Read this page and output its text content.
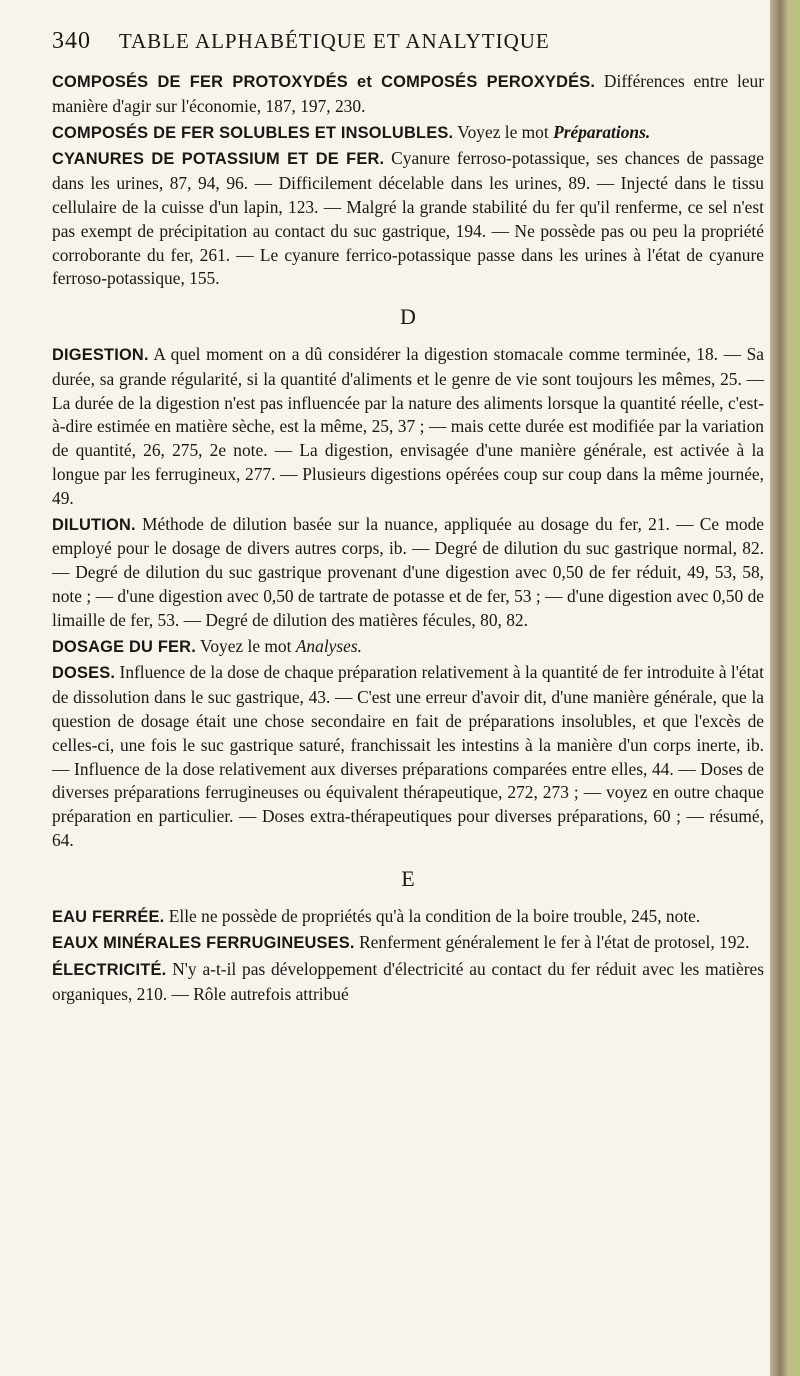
340 TABLE ALPHABÉTIQUE ET ANALYTIQUE

COMPOSÉS DE FER PROTOXYDÉS et COMPOSÉS PEROXYDÉS. Différences entre leur manière d'agir sur l'économie, 187, 197, 230.

COMPOSÉS DE FER SOLUBLES ET INSOLUBLES. Voyez le mot Préparations.

CYANURES DE POTASSIUM ET DE FER. Cyanure ferroso-potassique, ses chances de passage dans les urines, 87, 94, 96. — Difficilement décelable dans les urines, 89. — Injecté dans le tissu cellulaire de la cuisse d'un lapin, 123. — Malgré la grande stabilité du fer qu'il renferme, ce sel n'est pas exempt de précipitation au contact du suc gastrique, 194. — Ne possède pas ou peu la propriété corroborante du fer, 261. — Le cyanure ferrico-potassique passe dans les urines à l'état de cyanure ferroso-potassique, 155.

D

DIGESTION. A quel moment on a dû considérer la digestion stomacale comme terminée, 18. — Sa durée, sa grande régularité, si la quantité d'aliments et le genre de vie sont toujours les mêmes, 25. — La durée de la digestion n'est pas influencée par la nature des aliments lorsque la quantité réelle, c'est-à-dire estimée en matière sèche, est la même, 25, 37 ; — mais cette durée est modifiée par la variation de quantité, 26, 275, 2e note. — La digestion, envisagée d'une manière générale, est activée à la longue par les ferrugineux, 277. — Plusieurs digestions opérées coup sur coup dans la même journée, 49.

DILUTION. Méthode de dilution basée sur la nuance, appliquée au dosage du fer, 21. — Ce mode employé pour le dosage de divers autres corps, ib. — Degré de dilution du suc gastrique normal, 82. — Degré de dilution du suc gastrique provenant d'une digestion avec 0,50 de fer réduit, 49, 53, 58, note ; — d'une digestion avec 0,50 de tartrate de potasse et de fer, 53 ; — d'une digestion avec 0,50 de limaille de fer, 53. — Degré de dilution des matières fécules, 80, 82.

DOSAGE DU FER. Voyez le mot Analyses.

DOSES. Influence de la dose de chaque préparation relativement à la quantité de fer introduite à l'état de dissolution dans le suc gastrique, 43. — C'est une erreur d'avoir dit, d'une manière générale, que la question de dosage était une chose secondaire en fait de préparations insolubles, et que l'excès de celles-ci, une fois le suc gastrique saturé, franchissait les intestins à la manière d'un corps inerte, ib. — Influence de la dose relativement aux diverses préparations comparées entre elles, 44. — Doses de diverses préparations ferrugineuses ou équivalent thérapeutique, 272, 273 ; — voyez en outre chaque préparation en particulier. — Doses extra-thérapeutiques pour diverses préparations, 60 ; — résumé, 64.

E

EAU FERRÉE. Elle ne possède de propriétés qu'à la condition de la boire trouble, 245, note.

EAUX MINÉRALES FERRUGINEUSES. Renferment généralement le fer à l'état de protosel, 192.

ÉLECTRICITÉ. N'y a-t-il pas développement d'électricité au contact du fer réduit avec les matières organiques, 210. — Rôle autrefois attribué
